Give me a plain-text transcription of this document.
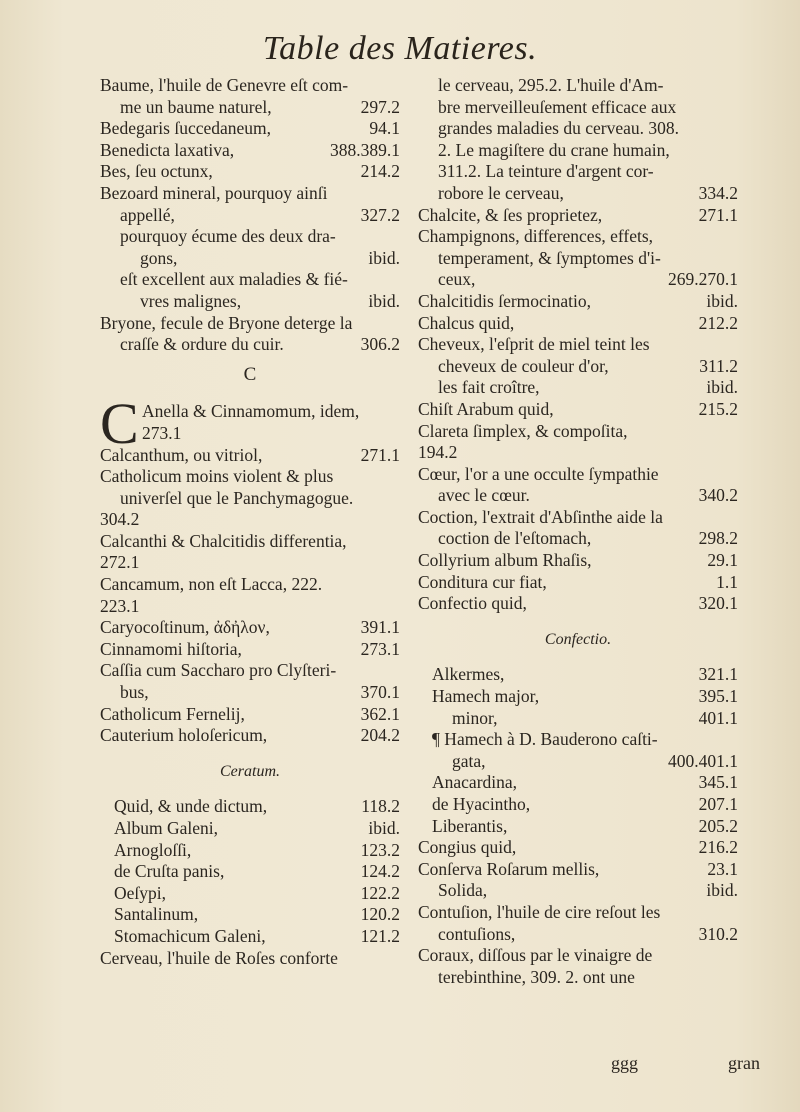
Table des Matieres.
Baume, l'huile de Genevre eſt com-
me un baume naturel,	297.2
Bedegaris ſuccedaneum,	94.1
Benedicta laxativa,	388.389.1
Bes, ſeu octunx,	214.2
Bezoard mineral, pourquoy ainſi
appellé,	327.2
pourquoy écume des deux dra-
gons,	ibid.
eſt excellent aux maladies & fié-
vres malignes,	ibid.
Bryone, fecule de Bryone deterge la
craſſe & ordure du cuir.	306.2
C
C Anella & Cinnamomum, idem,
273.1
Calcanthum, ou vitriol,	271.1
Catholicum moins violent & plus
univerſel que le Panchymagogue.
304.2
Calcanthi & Chalcitidis differentia,
272.1
Cancamum, non eſt Lacca, 222.
223.1
Caryocoſtinum, ἀδἠλον,	391.1
Cinnamomi hiſtoria,	273.1
Caſſia cum Saccharo pro Clyſteri-
bus,	370.1
Catholicum Fernelij,	362.1
Cauterium holoſericum,	204.2
Ceratum.
Quid, & unde dictum,	118.2
Album Galeni,	ibid.
Arnogloſſi,	123.2
de Cruſta panis,	124.2
Oeſypi,	122.2
Santalinum,	120.2
Stomachicum Galeni,	121.2
Cerveau, l'huile de Roſes conforte
le cerveau, 295.2. L'huile d'Am-
bre merveilleuſement efficace aux
grandes maladies du cerveau. 308.
2. Le magiſtere du crane humain,
311.2. La teinture d'argent cor-
robore le cerveau,	334.2
Chalcite, & ſes proprietez,	271.1
Champignons, differences, effets,
temperament, & ſymptomes d'i-
ceux,	269.270.1
Chalcitidis ſermocinatio,	ibid.
Chalcus quid,	212.2
Cheveux, l'eſprit de miel teint les
cheveux de couleur d'or,	311.2
les fait croître,	ibid.
Chiſt Arabum quid,	215.2
Clareta ſimplex, & compoſita,
194.2
Cœur, l'or a une occulte ſympathie
avec le cœur.	340.2
Coction, l'extrait d'Abſinthe aide la
coction de l'eſtomach,	298.2
Collyrium album Rhaſis,	29.1
Conditura cur fiat,	1.1
Confectio quid,	320.1
Confectio.
Alkermes,	321.1
Hamech major,	395.1
minor,	401.1
¶ Hamech à D. Bauderono caſti-
gata,	400.401.1
Anacardina,	345.1
de Hyacintho,	207.1
Liberantis,	205.2
Congius quid,	216.2
Conſerva Roſarum mellis,	23.1
Solida,	ibid.
Contuſion, l'huile de cire reſout les
contuſions,	310.2
Coraux, diſſous par le vinaigre de
terebinthine, 309. 2. ont une
ggg	gran
